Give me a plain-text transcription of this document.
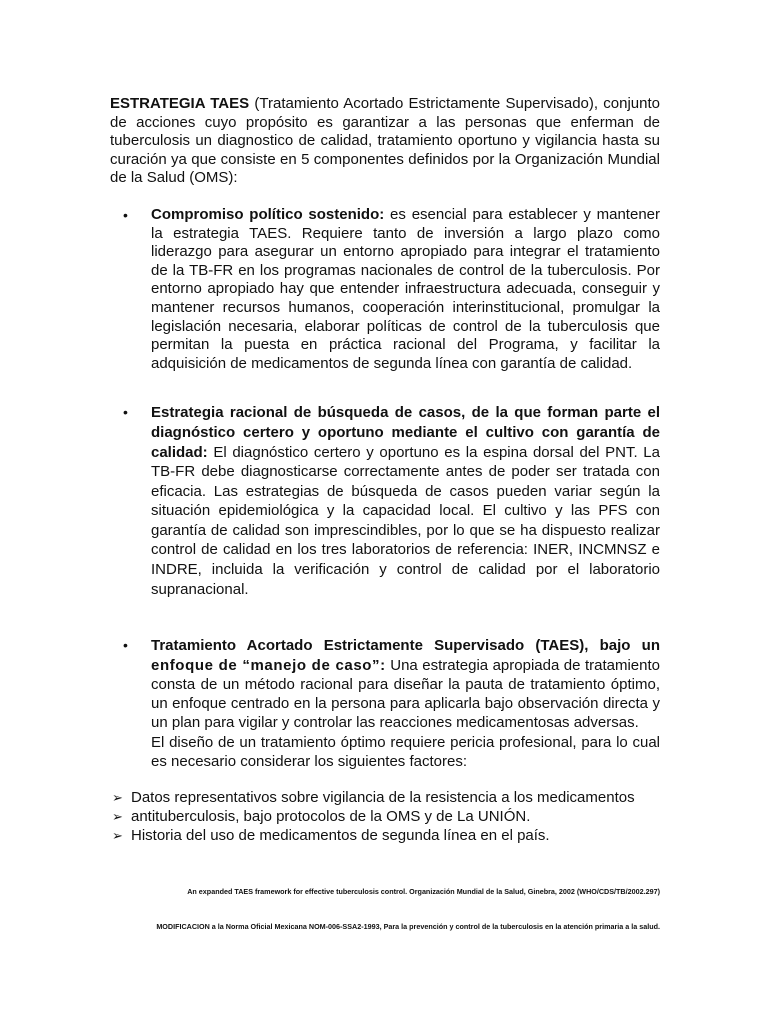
ESTRATEGIA TAES (Tratamiento Acortado Estrictamente Supervisado), conjunto de acciones cuyo propósito es garantizar a las personas que enferman de tuberculosis un diagnostico de calidad, tratamiento oportuno y vigilancia hasta su curación ya que consiste en 5 componentes definidos por la Organización Mundial de la Salud (OMS):

• Compromiso político sostenido: es esencial para establecer y mantener la estrategia TAES. Requiere tanto de inversión a largo plazo como liderazgo para asegurar un entorno apropiado para integrar el tratamiento de la TB-FR en los programas nacionales de control de la tuberculosis. Por entorno apropiado hay que entender infraestructura adecuada, conseguir y mantener recursos humanos, cooperación interinstitucional, promulgar la legislación necesaria, elaborar políticas de control de la tuberculosis que permitan la puesta en práctica racional del Programa, y facilitar la adquisición de medicamentos de segunda línea con garantía de calidad.
• Estrategia racional de búsqueda de casos, de la que forman parte el diagnóstico certero y oportuno mediante el cultivo con garantía de calidad: El diagnóstico certero y oportuno es la espina dorsal del PNT. La TB-FR debe diagnosticarse correctamente antes de poder ser tratada con eficacia. Las estrategias de búsqueda de casos pueden variar según la situación epidemiológica y la capacidad local. El cultivo y las PFS con garantía de calidad son imprescindibles, por lo que se ha dispuesto realizar control de calidad en los tres laboratorios de referencia: INER, INCMNSZ e INDRE, incluida la verificación y control de calidad por el laboratorio supranacional.
• Tratamiento Acortado Estrictamente Supervisado (TAES), bajo un enfoque de “manejo de caso”: Una estrategia apropiada de tratamiento consta de un método racional para diseñar la pauta de tratamiento óptimo, un enfoque centrado en la persona para aplicarla bajo observación directa y un plan para vigilar y controlar las reacciones medicamentosas adversas.
El diseño de un tratamiento óptimo requiere pericia profesional, para lo cual es necesario considerar los siguientes factores:
➢ Datos representativos sobre vigilancia de la resistencia a los medicamentos
➢ antituberculosis, bajo protocolos de la OMS y de La UNIÓN.
➢ Historia del uso de medicamentos de segunda línea en el país.
An expanded TAES framework for effective tuberculosis control. Organización Mundial de la Salud, Ginebra, 2002 (WHO/CDS/TB/2002.297)
MODIFICACION a la Norma Oficial Mexicana NOM-006-SSA2-1993, Para la prevención y control de la tuberculosis en la atención primaria a la salud.
